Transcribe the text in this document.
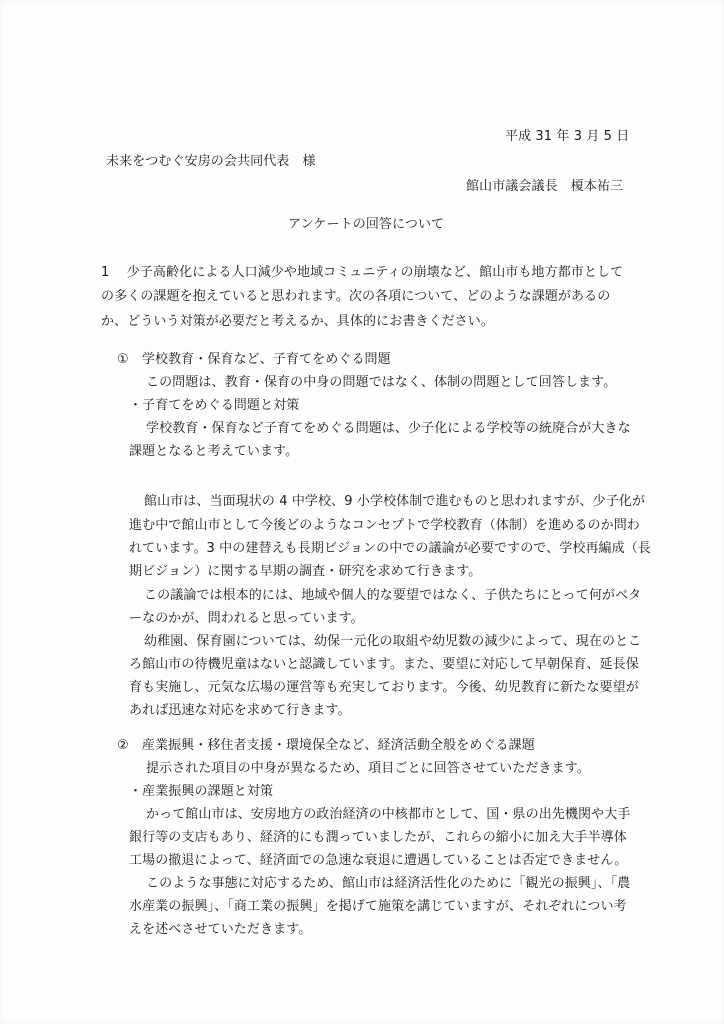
平成 31 年 3 月 5 日
未来をつむぐ安房の会共同代表　様
館山市議会議長　榎本祐三
アンケートの回答について
1　 少子高齢化による人口減少や地域コミュニティの崩壊など、館山市も地方都市として
の多くの課題を抱えていると思われます。次の各項について、どのような課題があるの
か、どういう対策が必要だと考えるか、具体的にお書きください。
①　学校教育・保育など、子育てをめぐる問題
この問題は、教育・保育の中身の問題ではなく、体制の問題として回答します。
・子育てをめぐる問題と対策
学校教育・保育など子育てをめぐる問題は、少子化による学校等の統廃合が大きな
課題となると考えています。
館山市は、当面現状の 4 中学校、9 小学校体制で進むものと思われますが、少子化が
進む中で館山市として今後どのようなコンセプトで学校教育（体制）を進めるのか問わ
れています。3 中の建替えも長期ビジョンの中での議論が必要ですので、学校再編成（長
期ビジョン）に関する早期の調査・研究を求めて行きます。
この議論では根本的には、地域や個人的な要望ではなく、子供たちにとって何がベタ
ーなのかが、問われると思っています。
幼稚園、保育園については、幼保一元化の取組や幼児数の減少によって、現在のとこ
ろ館山市の待機児童はないと認識しています。また、要望に対応して早朝保育、延長保
育も実施し、元気な広場の運営等も充実しております。今後、幼児教育に新たな要望が
あれば迅速な対応を求めて行きます。
②　産業振興・移住者支援・環境保全など、経済活動全般をめぐる課題
提示された項目の中身が異なるため、項目ごとに回答させていただきます。
・産業振興の課題と対策
かって館山市は、安房地方の政治経済の中核都市として、国・県の出先機関や大手
銀行等の支店もあり、経済的にも潤っていましたが、これらの縮小に加え大手半導体
工場の撤退によって、経済面での急速な衰退に遭遇していることは否定できません。
このような事態に対応するため、館山市は経済活性化のために「観光の振興」、「農
水産業の振興」、「商工業の振興」を掲げて施策を講じていますが、それぞれについ考
えを述べさせていただきます。
